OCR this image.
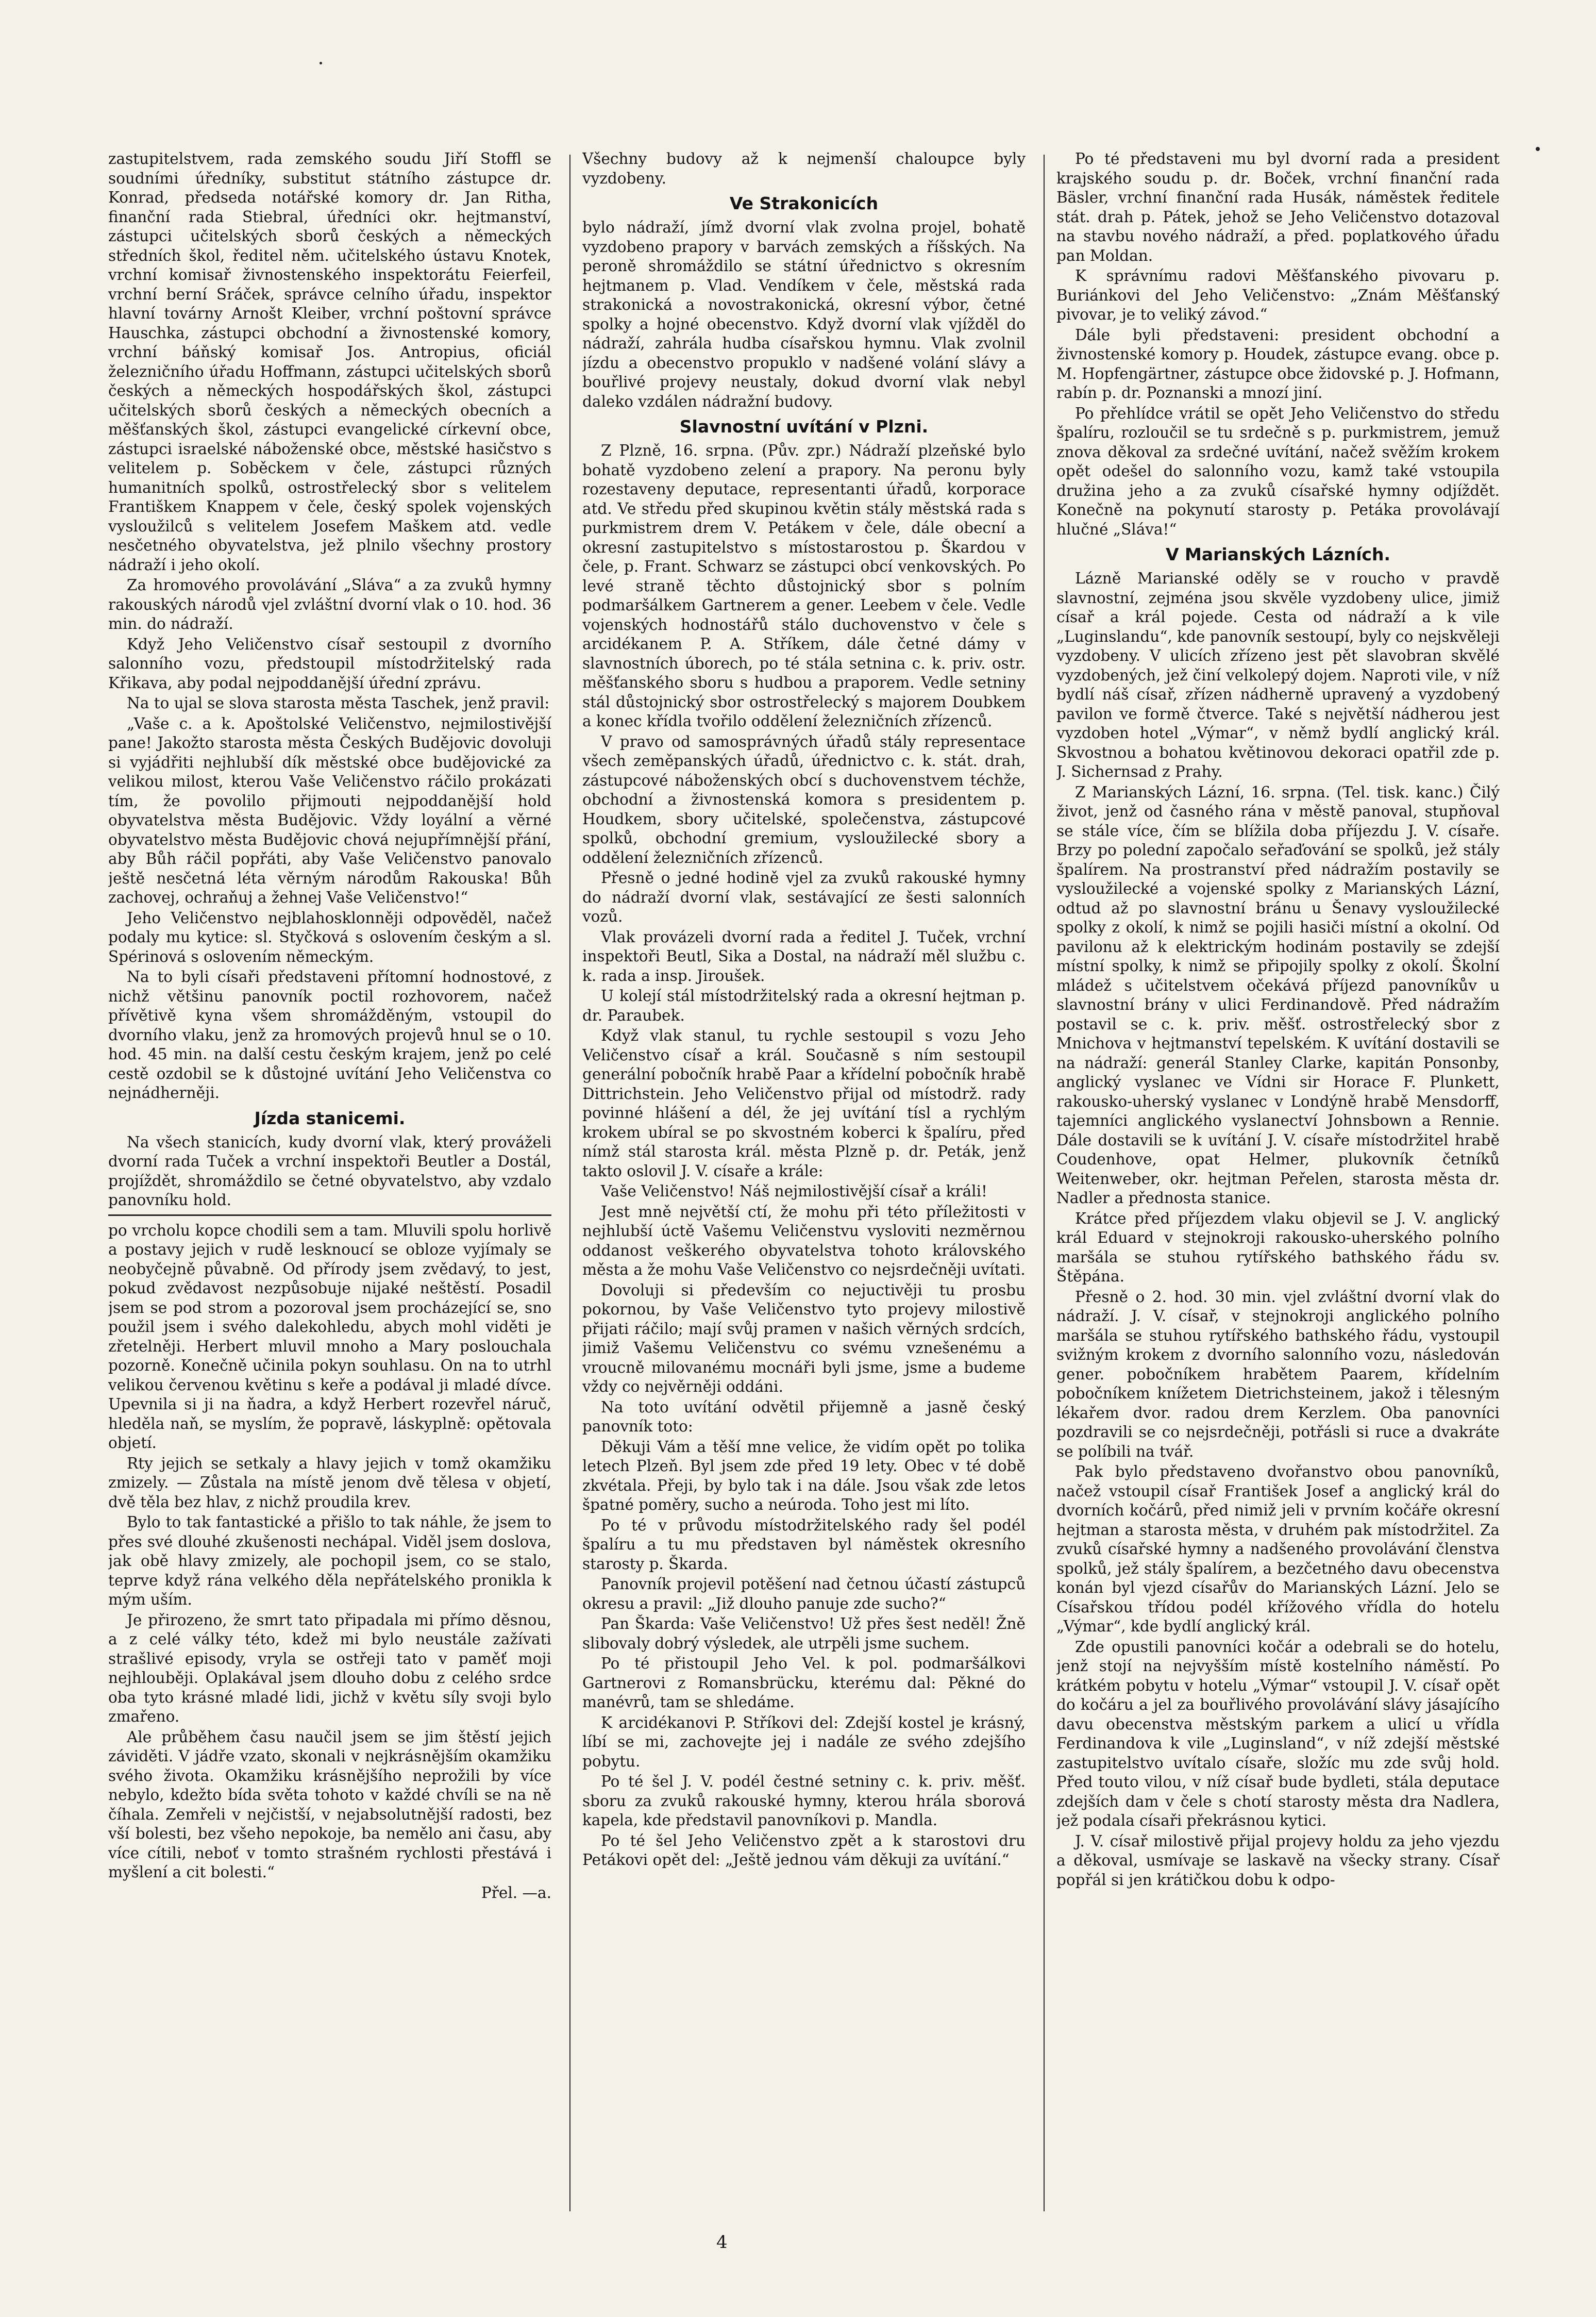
zastupitelstvem, rada zemského soudu Jiří Stoffl se soudními úředníky, substitut státního zástupce dr. Konrad, předseda notářské komory dr. Jan Ritha, finanční rada Stiebral, úředníci okr. hejtmanství, zástupci učitelských sborů českých a německých středních škol, ředitel něm. učitelského ústavu Knotek, vrchní komisař živnostenského inspektorátu Feierfeil, vrchní berní Sráček, správce celního úřadu, inspektor hlavní továrny Arnošt Kleiber, vrchní poštovní správce Hauschka, zástupci obchodní a živnostenské komory, vrchní báňský komisař Jos. Antropius, oficiál železničního úřadu Hoffmann, zástupci učitelských sborů českých a německých hospodářských škol, zástupci učitelských sborů českých a německých obecních a měšťanských škol, zástupci evangelické církevní obce, zástupci israelské náboženské obce, městské hasičstvo s velitelem p. Soběckem v čele, zástupci různých humanitních spolků, ostrostřelecký sbor s velitelem Františkem Knappem v čele, český spolek vojenských vysloužilců s velitelem Josefem Maškem atd. vedle nesčetného obyvatelstva, jež plnilo všechny prostory nádraží i jeho okolí.

Za hromového provolávání „Sláva“ a za zvuků hymny rakouských národů vjel zvláštní dvorní vlak o 10. hod. 36 min. do nádraží.

Když Jeho Veličenstvo císař sestoupil z dvorního salonního vozu, předstoupil místodržitelský rada Křikava, aby podal nejpoddanější úřední zprávu.

Na to ujal se slova starosta města Taschek, jenž pravil:

„Vaše c. a k. Apoštolské Veličenstvo, nejmilostivější pane! Jakožto starosta města Českých Budějovic dovoluji si vyjádřiti nejhlubší dík městské obce budějovické za velikou milost, kterou Vaše Veličenstvo ráčilo prokázati tím, že povolilo přijmouti nejpoddanější hold obyvatelstva města Budějovic. Vždy loyální a věrné obyvatelstvo města Budějovic chová nejupřímnější přání, aby Bůh ráčil popřáti, aby Vaše Veličenstvo panovalo ještě nesčetná léta věrným národům Rakouska! Bůh zachovej, ochraňuj a žehnej Vaše Veličenstvo!“

Jeho Veličenstvo nejblahosklonněji odpověděl, načež podaly mu kytice: sl. Styčková s oslovením českým a sl. Spérinová s oslovením německým.

Na to byli císaři představeni přítomní hodnostové, z nichž většinu panovník poctil rozhovorem, načež přívětivě kyna všem shromážděným, vstoupil do dvorního vlaku, jenž za hromových projevů hnul se o 10. hod. 45 min. na další cestu českým krajem, jenž po celé cestě ozdobil se k důstojné uvítání Jeho Veličenstva co nejnádherněji.

Jízda stanicemi.

Na všech stanicích, kudy dvorní vlak, který prováželi dvorní rada Tuček a vrchní inspektoři Beutler a Dostál, projíždět, shromáždilo se četné obyvatelstvo, aby vzdalo panovníku hold.

po vrcholu kopce chodili sem a tam. Mluvili spolu horlivě a postavy jejich v rudě lesknoucí se obloze vyjímaly se neobyčejně půvabně. Od přírody jsem zvědavý, to jest, pokud zvědavost nezpůsobuje nijaké neštěstí. Posadil jsem se pod strom a pozoroval jsem procházející se, sno použil jsem i svého dalekohledu, abych mohl viděti je zřetelněji. Herbert mluvil mnoho a Mary poslouchala pozorně. Konečně učinila pokyn souhlasu. On na to utrhl velikou červenou květinu s keře a podával ji mladé dívce. Upevnila si ji na ňadra, a když Herbert rozevřel náruč, hleděla naň, se myslím, že popravě, láskyplně: opětovala objetí.

Rty jejich se setkaly a hlavy jejich v tomž okamžiku zmizely. — Zůstala na místě jenom dvě tělesa v objetí, dvě těla bez hlav, z nichž proudila krev.

Bylo to tak fantastické a přišlo to tak náhle, že jsem to přes své dlouhé zkušenosti nechápal. Viděl jsem doslova, jak obě hlavy zmizely, ale pochopil jsem, co se stalo, teprve když rána velkého děla nepřátelského pronikla k mým uším.

Je přirozeno, že smrt tato připadala mi přímo děsnou, a z celé války této, kdež mi bylo neustále zažívati strašlivé episody, vryla se ostřeji tato v paměť moji nejhlouběji. Oplakával jsem dlouho dobu z celého srdce oba tyto krásné mladé lidi, jichž v květu síly svoji bylo zmařeno.

Ale průběhem času naučil jsem se jim štěstí jejich záviděti. V jádře vzato, skonali v nejkrásnějším okamžiku svého života. Okamžiku krásnějšího neprožili by více nebylo, kdežto bída světa tohoto v každé chvíli se na ně číhala. Zemřeli v nejčistší, v nejabsolutnější radosti, bez vší bolesti, bez všeho nepokoje, ba nemělo ani času, aby více cítili, neboť v tomto strašném rychlosti přestává i myšlení a cit bolesti.“

Přel. —a.

Všechny budovy až k nejmenší chaloupce byly vyzdobeny.

Ve Strakonicích

bylo nádraží, jímž dvorní vlak zvolna projel, bohatě vyzdobeno prapory v barvách zemských a říšských. Na peroně shromáždilo se státní úřednictvo s okresním hejtmanem p. Vlad. Vendíkem v čele, městská rada strakonická a novostrakonická, okresní výbor, četné spolky a hojné obecenstvo. Když dvorní vlak vjížděl do nádraží, zahrála hudba císařskou hymnu. Vlak zvolnil jízdu a obecenstvo propuklo v nadšené volání slávy a bouřlivé projevy neustaly, dokud dvorní vlak nebyl daleko vzdálen nádražní budovy.

Slavnostní uvítání v Plzni.

Z Plzně, 16. srpna. (Pův. zpr.) Nádraží plzeňské bylo bohatě vyzdobeno zelení a prapory. Na peronu byly rozestaveny deputace, representanti úřadů, korporace atd. Ve středu před skupinou květin stály městská rada s purkmistrem drem V. Petákem v čele, dále obecní a okresní zastupitelstvo s místostarostou p. Škardou v čele, p. Frant. Schwarz se zástupci obcí venkovských. Po levé straně těchto důstojnický sbor s polním podmaršálkem Gartnerem a gener. Leebem v čele. Vedle vojenských hodnostářů stálo duchovenstvo v čele s arcidékanem P. A. Stříkem, dále četné dámy v slavnostních úborech, po té stála setnina c. k. priv. ostr. měšťanského sboru s hudbou a praporem. Vedle setniny stál důstojnický sbor ostrostřelecký s majorem Doubkem a konec křídla tvořilo oddělení železničních zřízenců.

V pravo od samosprávných úřadů stály representace všech zeměpanských úřadů, úřednictvo c. k. stát. drah, zástupcové náboženských obcí s duchovenstvem téchže, obchodní a živnostenská komora s presidentem p. Houdkem, sbory učitelské, společenstva, zástupcové spolků, obchodní gremium, vysloužilecké sbory a oddělení železničních zřízenců.

Přesně o jedné hodině vjel za zvuků rakouské hymny do nádraží dvorní vlak, sestávající ze šesti salonních vozů.

Vlak provázeli dvorní rada a ředitel J. Tuček, vrchní inspektoři Beutl, Sika a Dostal, na nádraží měl službu c. k. rada a insp. Jiroušek.

U kolejí stál místodržitelský rada a okresní hejtman p. dr. Paraubek.

Když vlak stanul, tu rychle sestoupil s vozu Jeho Veličenstvo císař a král. Současně s ním sestoupil generální pobočník hrabě Paar a křídelní pobočník hrabě Dittrichstein. Jeho Veličenstvo přijal od místodrž. rady povinné hlášení a dél, že jej uvítání tísl a rychlým krokem ubíral se po skvostném koberci k špalíru, před nímž stál starosta král. města Plzně p. dr. Peták, jenž takto oslovil J. V. císaře a krále:

Vaše Veličenstvo! Náš nejmilostivější císař a králi!

Jest mně největší ctí, že mohu při této příležitosti v nejhlubší úctě Vašemu Veličenstvu vysloviti nezměrnou oddanost veškerého obyvatelstva tohoto královského města a že mohu Vaše Veličenstvo co nejsrdečněji uvítati.

Dovoluji si především co nejuctivěji tu prosbu pokornou, by Vaše Veličenstvo tyto projevy milostivě přijati ráčilo; mají svůj pramen v našich věrných srdcích, jimiž Vašemu Veličenstvu co svému vznešenému a vroucně milovanému mocnáři byli jsme, jsme a budeme vždy co nejvěrněji oddáni.

Na toto uvítání odvětil přijemně a jasně český panovník toto:

Děkuji Vám a těší mne velice, že vidím opět po tolika letech Plzeň. Byl jsem zde před 19 lety. Obec v té době zkvétala. Přeji, by bylo tak i na dále. Jsou však zde letos špatné poměry, sucho a neúroda. Toho jest mi líto.

Po té v průvodu místodržitelského rady šel podél špalíru a tu mu představen byl náměstek okresního starosty p. Škarda.

Panovník projevil potěšení nad četnou účastí zástupců okresu a pravil: „Již dlouho panuje zde sucho?“

Pan Škarda: Vaše Veličenstvo! Už přes šest neděl! Žně slibovaly dobrý výsledek, ale utrpěli jsme suchem.

Po té přistoupil Jeho Vel. k pol. podmaršálkovi Gartnerovi z Romansbrücku, kterému dal: Pěkné do manévrů, tam se shledáme.

K arcidékanovi P. Stříkovi del: Zdejší kostel je krásný, líbí se mi, zachovejte jej i nadále ze svého zdejšího pobytu.

Po té šel J. V. podél čestné setniny c. k. priv. měšť. sboru za zvuků rakouské hymny, kterou hrála sborová kapela, kde představil panovníkovi p. Mandla.

Po té šel Jeho Veličenstvo zpět a k starostovi dru Petákovi opět del: „Ještě jednou vám děkuji za uvítání.“

Po té představeni mu byl dvorní rada a president krajského soudu p. dr. Boček, vrchní finanční rada Bäsler, vrchní finanční rada Husák, náměstek ředitele stát. drah p. Pátek, jehož se Jeho Veličenstvo dotazoval na stavbu nového nádraží, a před. poplatkového úřadu pan Moldan.

K správnímu radovi Měšťanského pivovaru p. Buriánkovi del Jeho Veličenstvo: „Znám Měšťanský pivovar, je to veliký závod.“

Dále byli představeni: president obchodní a živnostenské komory p. Houdek, zástupce evang. obce p. M. Hopfengärtner, zástupce obce židovské p. J. Hofmann, rabín p. dr. Poznanski a mnozí jiní.

Po přehlídce vrátil se opět Jeho Veličenstvo do středu špalíru, rozloučil se tu srdečně s p. purkmistrem, jemuž znova děkoval za srdečné uvítání, načež svěžím krokem opět odešel do salonního vozu, kamž také vstoupila družina jeho a za zvuků císařské hymny odjíždět. Konečně na pokynutí starosty p. Petáka provolávají hlučné „Sláva!“

V Marianských Lázních.

Lázně Marianské oděly se v roucho v pravdě slavnostní, zejména jsou skvěle vyzdobeny ulice, jimiž císař a král pojede. Cesta od nádraží a k vile „Luginslandu“, kde panovník sestoupí, byly co nejskvěleji vyzdobeny. V ulicích zřízeno jest pět slavobran skvělé vyzdobených, jež činí velkolepý dojem. Naproti vile, v níž bydlí náš císař, zřízen nádherně upravený a vyzdobený pavilon ve formě čtverce. Také s největší nádherou jest vyzdoben hotel „Výmar“, v němž bydlí anglický král. Skvostnou a bohatou květinovou dekoraci opatřil zde p. J. Sichernsad z Prahy.

Z Marianských Lázní, 16. srpna. (Tel. tisk. kanc.) Čilý život, jenž od časného rána v městě panoval, stupňoval se stále více, čím se blížila doba příjezdu J. V. císaře. Brzy po polední započalo seřaďování se spolků, jež stály špalírem. Na prostranství před nádražím postavily se vysloužilecké a vojenské spolky z Marianských Lázní, odtud až po slavnostní bránu u Šenavy vysloužilecké spolky z okolí, k nimž se pojili hasiči místní a okolní. Od pavilonu až k elektrickým hodinám postavily se zdejší místní spolky, k nimž se připojily spolky z okolí. Školní mládež s učitelstvem očekává příjezd panovníkův u slavnostní brány v ulici Ferdinandově. Před nádražím postavil se c. k. priv. měšť. ostrostřelecký sbor z Mnichova v hejtmanství tepelském. K uvítání dostavili se na nádraží: generál Stanley Clarke, kapitán Ponsonby, anglický vyslanec ve Vídni sir Horace F. Plunkett, rakousko-uherský vyslanec v Londýně hrabě Mensdorff, tajemníci anglického vyslanectví Johnsbown a Rennie. Dále dostavili se k uvítání J. V. císaře místodržitel hrabě Coudenhove, opat Helmer, plukovník četníků Weitenweber, okr. hejtman Peřelen, starosta města dr. Nadler a přednosta stanice.

Krátce před příjezdem vlaku objevil se J. V. anglický král Eduard v stejnokroji rakousko-uherského polního maršála se stuhou rytířského bathského řádu sv. Štěpána.

Přesně o 2. hod. 30 min. vjel zvláštní dvorní vlak do nádraží. J. V. císař, v stejnokroji anglického polního maršála se stuhou rytířského bathského řádu, vystoupil svižným krokem z dvorního salonního vozu, následován gener. pobočníkem hrabětem Paarem, křídelním pobočníkem knížetem Dietrichsteinem, jakož i tělesným lékařem dvor. radou drem Kerzlem. Oba panovníci pozdravili se co nejsrdečněji, potřásli si ruce a dvakráte se políbili na tvář.

Pak bylo představeno dvořanstvo obou panovníků, načež vstoupil císař František Josef a anglický král do dvorních kočárů, před nimiž jeli v prvním kočáře okresní hejtman a starosta města, v druhém pak místodržitel. Za zvuků císařské hymny a nadšeného provolávání členstva spolků, jež stály špalírem, a bezčetného davu obecenstva konán byl vjezd císařův do Marianských Lázní. Jelo se Císařskou třídou podél křížového vřídla do hotelu „Výmar“, kde bydlí anglický král.

Zde opustili panovníci kočár a odebrali se do hotelu, jenž stojí na nejvyšším místě kostelního náměstí. Po krátkém pobytu v hotelu „Výmar“ vstoupil J. V. císař opět do kočáru a jel za bouřlivého provolávání slávy jásajícího davu obecenstva městským parkem a ulicí u vřídla Ferdinandova k vile „Luginsland“, v níž zdejší městské zastupitelstvo uvítalo císaře, složíc mu zde svůj hold. Před touto vilou, v níž císař bude bydleti, stála deputace zdejších dam v čele s chotí starosty města dra Nadlera, jež podala císaři překrásnou kytici.

J. V. císař milostivě přijal projevy holdu za jeho vjezdu a děkoval, usmívaje se laskavě na všecky strany. Císař popřál si jen krátičkou dobu k odpo-

4
